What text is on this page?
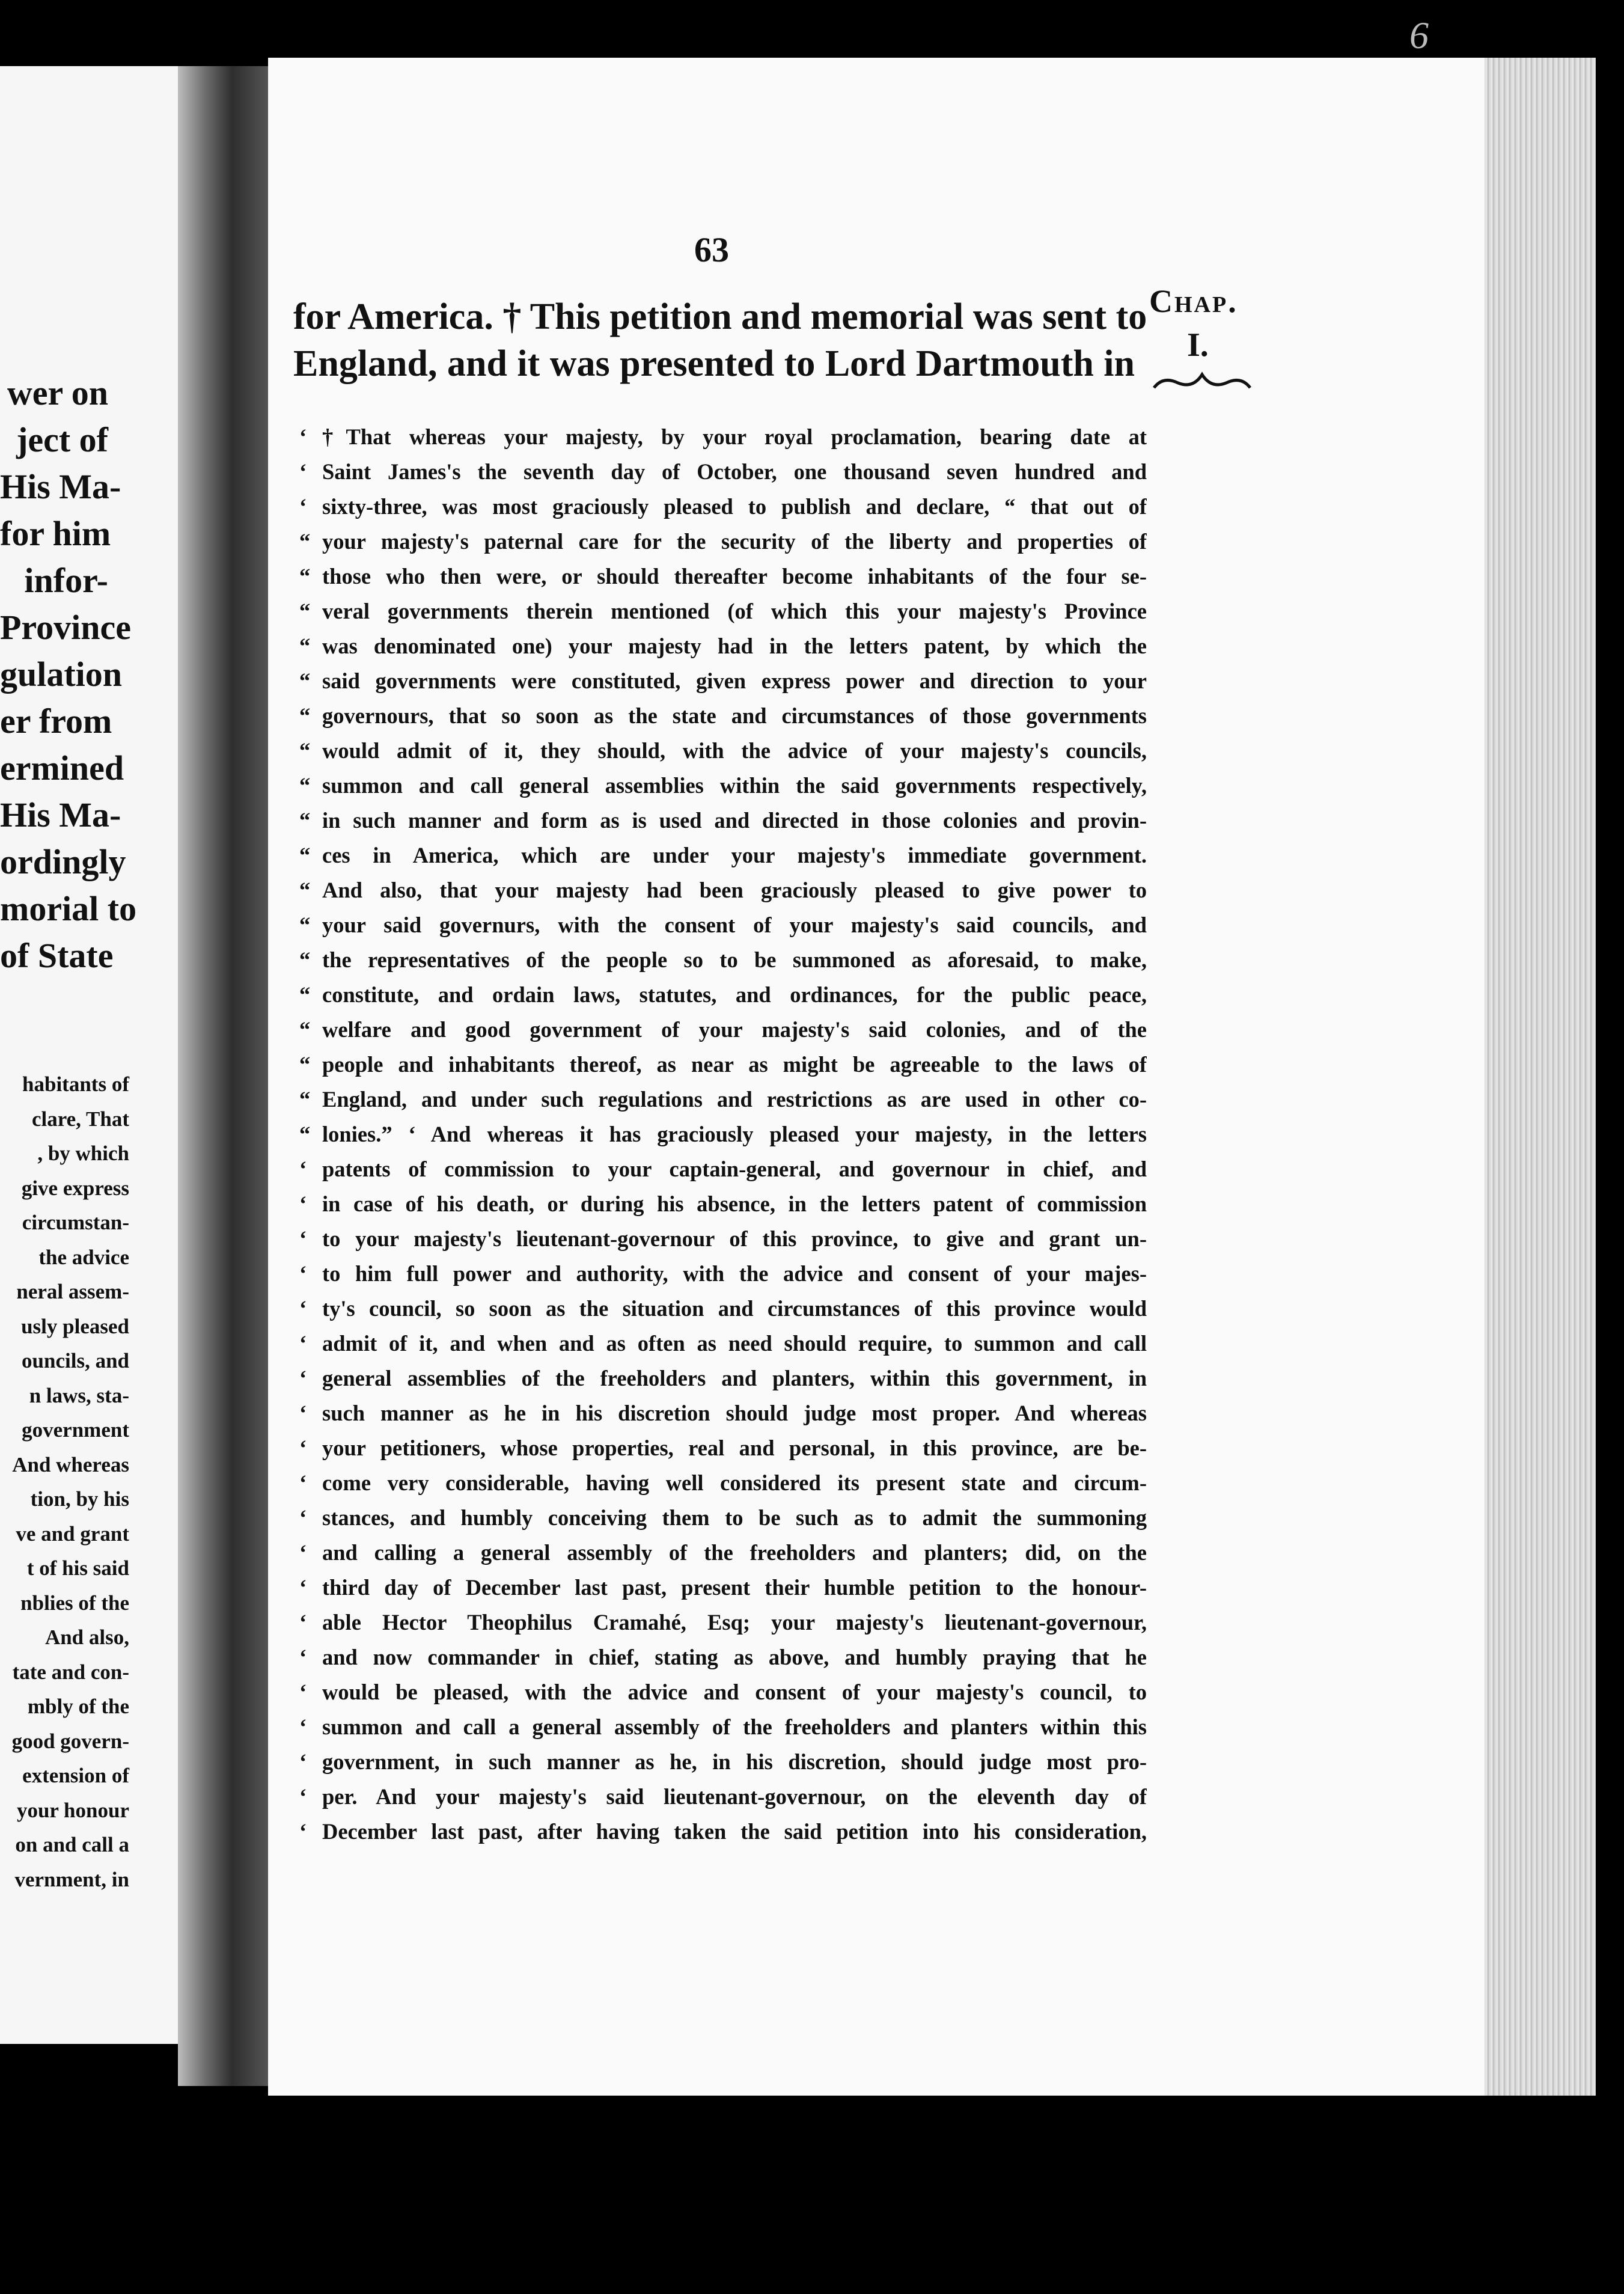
6
wer on
ject of
His Ma-
for him
infor-
Province
gulation
er from
ermined
His Ma-
ordingly
morial to
of State
habitants of
clare, That
, by which
give express
circumstan-
the advice
neral assem-
usly pleased
ouncils, and
n laws, sta-
government
And whereas
tion, by his
ve and grant
t of his said
nblies of the
And also,
tate and con-
mbly of the
good govern-
extension of
your honour
on and call a
vernment, in
63
Chap.
I.
for America. † This petition and memorial was sent to
England, and it was presented to Lord Dartmouth in
‘ †That whereas your majesty, by your royal proclamation, bearing date at
‘ Saint James's the seventh day of October, one thousand seven hundred and
‘ sixty-three, was most graciously pleased to publish and declare, “ that out of
“ your majesty's paternal care for the security of the liberty and properties of
“ those who then were, or should thereafter become inhabitants of the four se-
“ veral governments therein mentioned (of which this your majesty's Province
“ was denominated one) your majesty had in the letters patent, by which the
“ said governments were constituted, given express power and direction to your
“ governours, that so soon as the state and circumstances of those governments
“ would admit of it, they should, with the advice of your majesty's councils,
“ summon and call general assemblies within the said governments respectively,
“ in such manner and form as is used and directed in those colonies and provin-
“ ces in America, which are under your majesty's immediate government.
“ And also, that your majesty had been graciously pleased to give power to
“ your said governurs, with the consent of your majesty's said councils, and
“ the representatives of the people so to be summoned as aforesaid, to make,
“ constitute, and ordain laws, statutes, and ordinances, for the public peace,
“ welfare and good government of your majesty's said colonies, and of the
“ people and inhabitants thereof, as near as might be agreeable to the laws of
“ England, and under such regulations and restrictions as are used in other co-
“ lonies.” ‘ And whereas it has graciously pleased your majesty, in the letters
‘ patents of commission to your captain-general, and governour in chief, and
‘ in case of his death, or during his absence, in the letters patent of commission
‘ to your majesty's lieutenant-governour of this province, to give and grant un-
‘ to him full power and authority, with the advice and consent of your majes-
‘ ty's council, so soon as the situation and circumstances of this province would
‘ admit of it, and when and as often as need should require, to summon and call
‘ general assemblies of the freeholders and planters, within this government, in
‘ such manner as he in his discretion should judge most proper. And whereas
‘ your petitioners, whose properties, real and personal, in this province, are be-
‘ come very considerable, having well considered its present state and circum-
‘ stances, and humbly conceiving them to be such as to admit the summoning
‘ and calling a general assembly of the freeholders and planters; did, on the
‘ third day of December last past, present their humble petition to the honour-
‘ able Hector Theophilus Cramahé, Esq; your majesty's lieutenant-governour,
‘ and now commander in chief, stating as above, and humbly praying that he
‘ would be pleased, with the advice and consent of your majesty's council, to
‘ summon and call a general assembly of the freeholders and planters within this
‘ government, in such manner as he, in his discretion, should judge most pro-
‘ per. And your majesty's said lieutenant-governour, on the eleventh day of
‘ December last past, after having taken the said petition into his consideration,
